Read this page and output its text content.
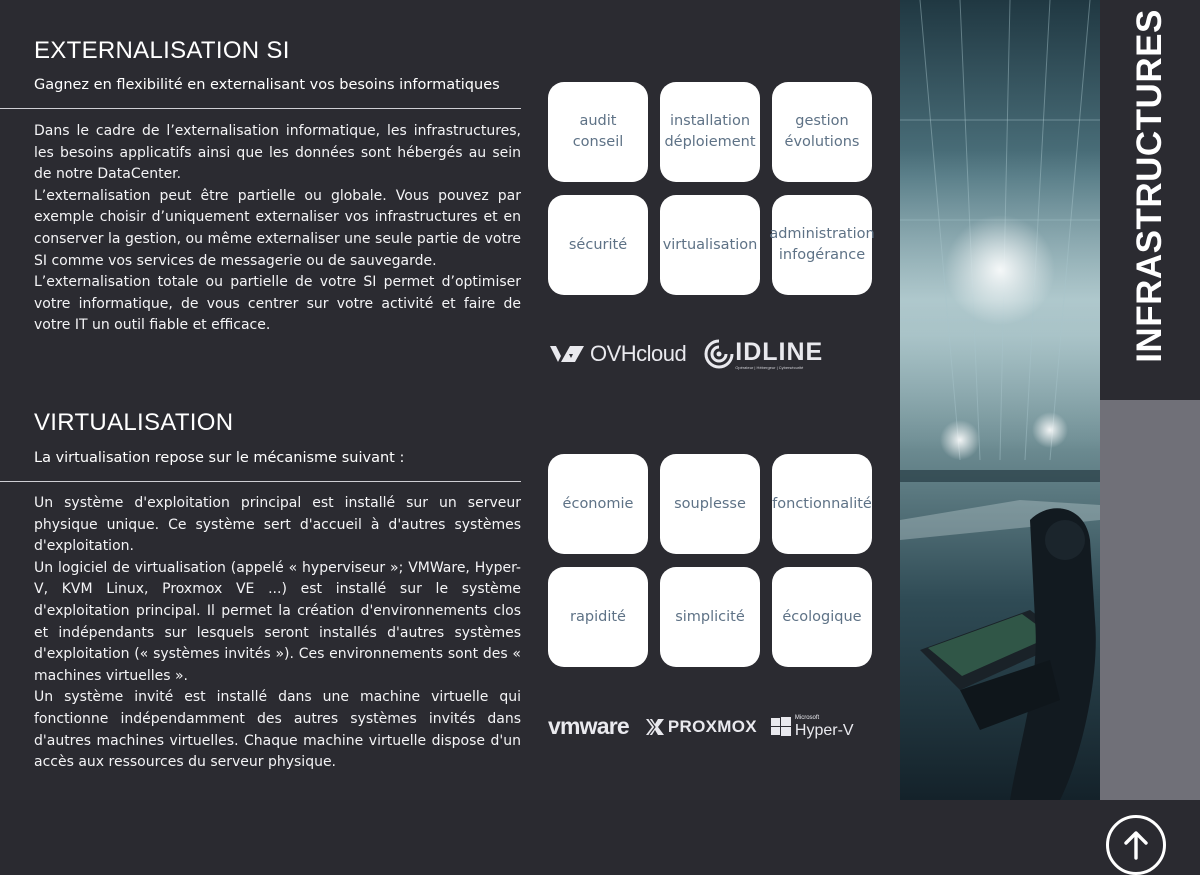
EXTERNALISATION SI
Gagnez en flexibilité en externalisant vos besoins informatiques

Dans le cadre de l’externalisation informatique, les infrastructures, les besoins applicatifs ainsi que les données sont hébergés au sein de notre DataCenter.

L’externalisation peut être partielle ou globale. Vous pouvez par exemple choisir d’uniquement externaliser vos infrastructures et en conserver la gestion, ou même externaliser une seule partie de votre SI comme vos services de messagerie ou de sauvegarde.

L’externalisation totale ou partielle de votre SI permet d’optimiser votre informatique, de vous centrer sur votre activité et faire de votre IT un outil fiable et efficace.

audit
conseil
installation
déploiement
gestion
évolutions
sécurité	virtualisation
administration
infogérance
OVHcloud IDLINE
Opérateur | Hébergeur | Cybersécurité
VIRTUALISATION
La virtualisation repose sur le mécanisme suivant :

Un système d'exploitation principal est installé sur un serveur physique unique. Ce système sert d'accueil à d'autres systèmes d'exploitation.

Un logiciel de virtualisation (appelé « hyperviseur »; VMWare, Hyper-V, KVM Linux, Proxmox VE ...) est installé sur le système d'exploitation principal. Il permet la création d'environnements clos et indépendants sur lesquels seront installés d'autres systèmes d'exploitation (« systèmes invités »). Ces environnements sont des « machines virtuelles ».

Un système invité est installé dans une machine virtuelle qui fonctionne indépendamment des autres systèmes invités dans d'autres machines virtuelles. Chaque machine virtuelle dispose d'un accès aux ressources du serveur physique.

économie	souplesse	fonctionnalité
rapidité	simplicité	écologique
vmware PROXMOX	Microsoft
Hyper-V
INFRASTRUCTURES
